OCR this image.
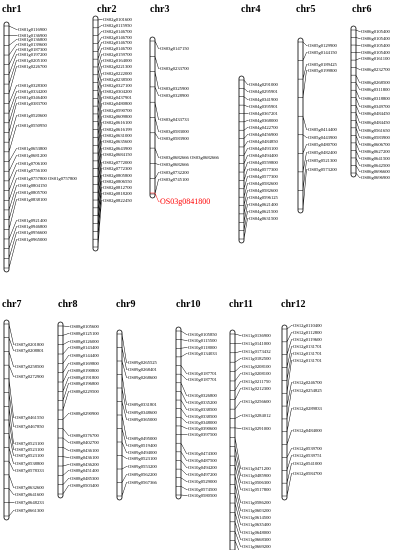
chr1
OS01g0116900
OS01g0136900
OS01g0136800
OS01g0139600
OS01g0187300
OS01g0197200
OS01g0205100
OS01g0226700
OS01g0328300
OS01g0334200
OS01g0346400
OS01g0383700
OS01g0520600
OS01g0550950
OS01g0653800
OS01g0681200
OS01g0706100
OS01g0756100
OS01g0757800 OS01g0757800
OS01g0804150
OS01g0805700
OS01g0838100
OS01g0921400
OS01g0946800
OS01g0956600
OS01g0965000
chr2
OS02g0101600
OS02g0115950
OS02g0146700
OS02g0146700
OS02g0146700
OS02g0146700
OS02g0159700
OS02g0164000
OS02g0221300
OS02g0222000
OS02g0238500
OS02g0327100
OS02g0304200
OS02g0437901
OS02g0480800
OS02g0590700
OS02g0609800
OS02g0616100
OS02g0616199
OS02g0631000
OS02g0635600
OS02g0643900
OS02g0684150
OS02g0772000
OS02g0772300
OS02g0805800
OS02g0806550
OS02g0812700
OS02g0818200
OS02g0822450
chr3
OS03g0147150
OS03g0233700
OS03g0325900
OS03g0328900
OS03g0433733
OS03g0583000
OS03g0583900
OS03g0682666 OS03g0682666
OS03g0682666
OS03g0732200
OS03g0745100
OS03g0841800
chr4
OS04g0291000
OS04g0295901
OS04g0341900
OS04g0395901
OS04g0367201
OS04g0368000
OS04g0422700
OS04g0456900
OS04g0484850
OS04g0493100
OS04g0494400
OS04g0559800
OS04g0577300
OS04g0577300
OS04g0582600
OS04g0582600
OS04g0596125
OS04g0621400
OS04g0621500
OS04g0631500
chr5
OS05g0129900
OS05g0144150
OS05g0189425
OS05g0199800
OS05g0414400
OS05g0443900
OS05g0480700
OS05g0482400
OS05g0521300
OS05g0573200
chr6
OS06g0105400
OS06g0105400
OS06g0105400
OS06g0105400
OS06g0161100
OS06g0232700
OS06g0268500
OS06g0311800
OS06g0318800
OS06g0349700
OS06g0484450
OS06g0484450
OS06g0561650
OS06g0583900
OS06g0606700
OS06g0627200
OS06g0641500
OS06g0642500
OS06g0696600
OS06g0696900
chr7
OS07g0201800
OS07g0208801
OS07g0258500
OS07g0272900
OS07g0461550
OS07g0467850
OS07g0523100
OS07g0523100
OS07g0523100
OS07g0538800
OS07g0578333
OS07g0632600
OS07g0641600
OS07g0648233
OS07g0661300
chr8
OS08g0105600
OS08g0125100
OS08g0126000
OS08g0143400
OS08g0144400
OS08g0169800
OS08g0190800
OS08g0191800
OS08g0196800
OS08g0229500
OS08g0290900
OS08g0376700
OS08g0402700
OS08g0436100
OS08g0436100
OS08g0436200
OS08g0451400
OS08g0485300
OS08g0503400
chr9
OS09g0265525
OS09g0268401
OS09g0268600
OS09g0331801
OS09g0348600
OS09g0365000
OS09g0495000
OS09g0519400
OS09g0494000
OS09g0523100
OS09g0553200
OS09g0562200
OS09g0567366
chr10
OS10g0105850
OS10g0115500
OS10g0118000
OS10g0134033
OS10g0187701
OS10g0187701
OS10g0326800
OS10g0335200
OS10g0338500
OS10g0338500
OS10g0348000
OS10g0390600
OS10g0397500
OS10g0474300
OS10g0487500
OS10g0494200
OS10g0497200
OS10g0529000
OS10g0574500
OS10g0580500
chr11
OS11g0136900
OS11g0141000
OS11g0173432
OS11g0182500
OS11g0208100
OS11g0208100
OS11g0211750
OS11g0212300
OS11g0256600
OS11g0284012
OS11g0291000
OS11g0471200
OS11g0485900
OS11g0506300
OS11g0517800
OS11g0586200
OS11g0603200
OS11g0614500
OS11g0635400
OS11g0648000
OS11g0668300
OS11g0669200
chr12
OS12g0110400
OS12g0112800
OS12g0119600
OS12g0131701
OS12g0131701
OS12g0131701
OS12g0246700
OS12g0254825
OS12g0289833
OS12g0484000
OS12g0539700
OS12g0539751
OS12g0541000
OS12g0584700
